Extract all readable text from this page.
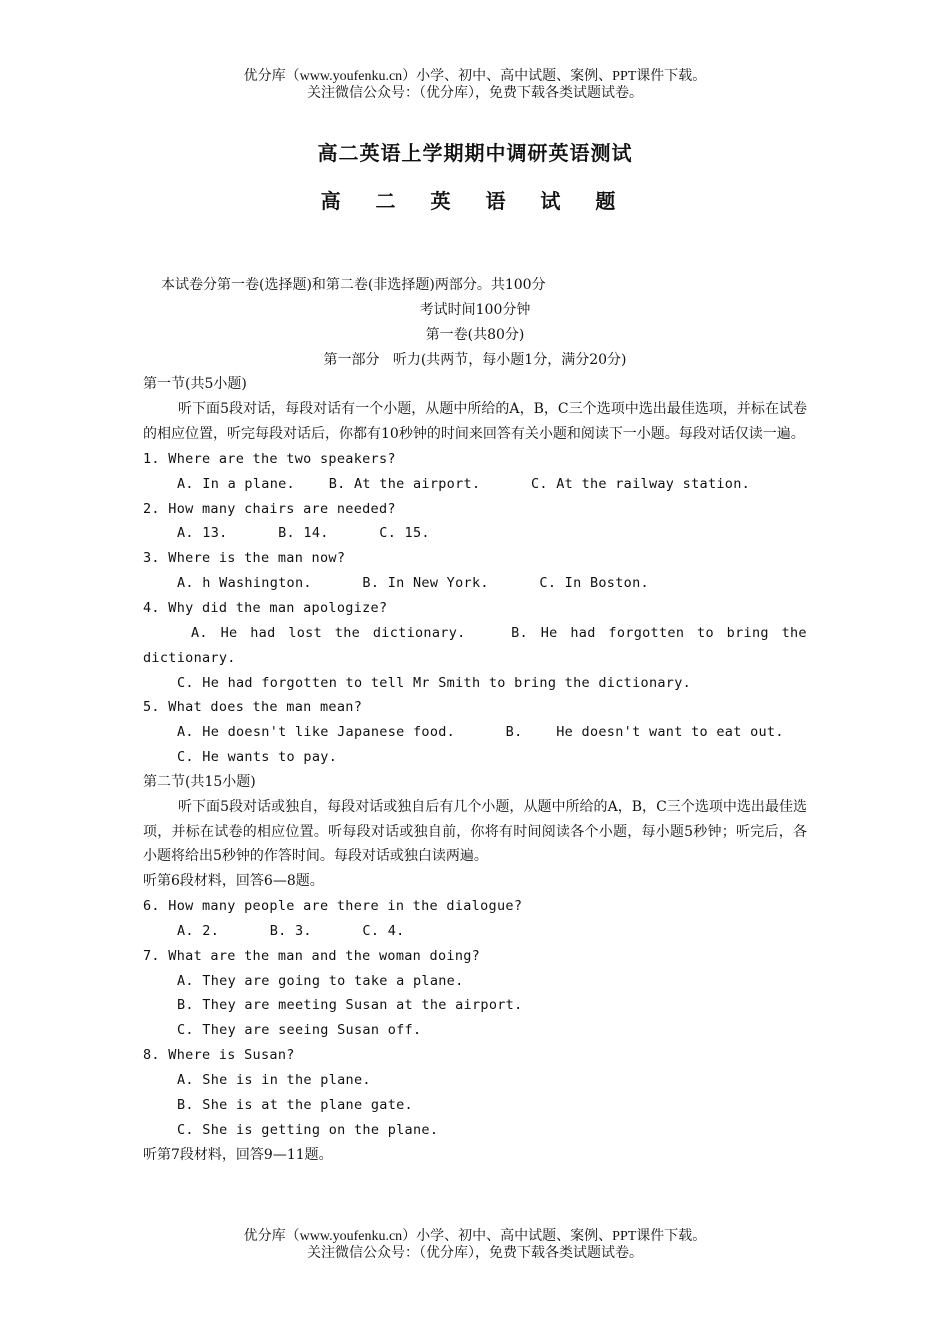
优分库（www.youfenku.cn）小学、初中、高中试题、案例、PPT课件下载。
关注微信公众号：（优分库），免费下载各类试题试卷。
高二英语上学期期中调研英语测试
高 二 英 语 试 题
本试卷分第一卷(选择题)和第二卷(非选择题)两部分。共100分
考试时间100分钟
第一卷(共80分)
第一部分   听力(共两节，每小题1分，满分20分)
第一节(共5小题)
听下面5段对话，每段对话有一个小题，从题中所给的A，B，C三个选项中选出最佳选项，并标在试卷的相应位置，听完每段对话后，你都有10秒钟的时间来回答有关小题和阅读下一小题。每段对话仅读一遍。
1. Where are the two speakers?
A. In a plane.    B. At the airport.      C. At the railway station.
2. How many chairs are needed?
A. 13.      B. 14.      C. 15.
3. Where is the man now?
A. h Washington.      B. In New York.      C. In Boston.
4. Why did the man apologize?
A. He had lost the dictionary.	B. He had forgotten to bring the
dictionary.
C. He had forgotten to tell Mr Smith to bring the dictionary.
5. What does the man mean?
A. He doesn't like Japanese food.      B.    He doesn't want to eat out.
C. He wants to pay.
第二节(共15小题)
听下面5段对话或独自，每段对话或独自后有几个小题，从题中所给的A，B，C三个选项中选出最佳选项，并标在试卷的相应位置。听每段对话或独自前，你将有时间阅读各个小题，每小题5秒钟；听完后，各小题将给出5秒钟的作答时间。每段对话或独白读两遍。
听第6段材料，回答6—8题。
6. How many people are there in the dialogue?
A. 2.      B. 3.      C. 4.
7. What are the man and the woman doing?
A. They are going to take a plane.
B. They are meeting Susan at the airport.
C. They are seeing Susan off.
8. Where is Susan?
A. She is in the plane.
B. She is at the plane gate.
C. She is getting on the plane.
听第7段材料，回答9—11题。
优分库（www.youfenku.cn）小学、初中、高中试题、案例、PPT课件下载。
关注微信公众号：（优分库），免费下载各类试题试卷。
